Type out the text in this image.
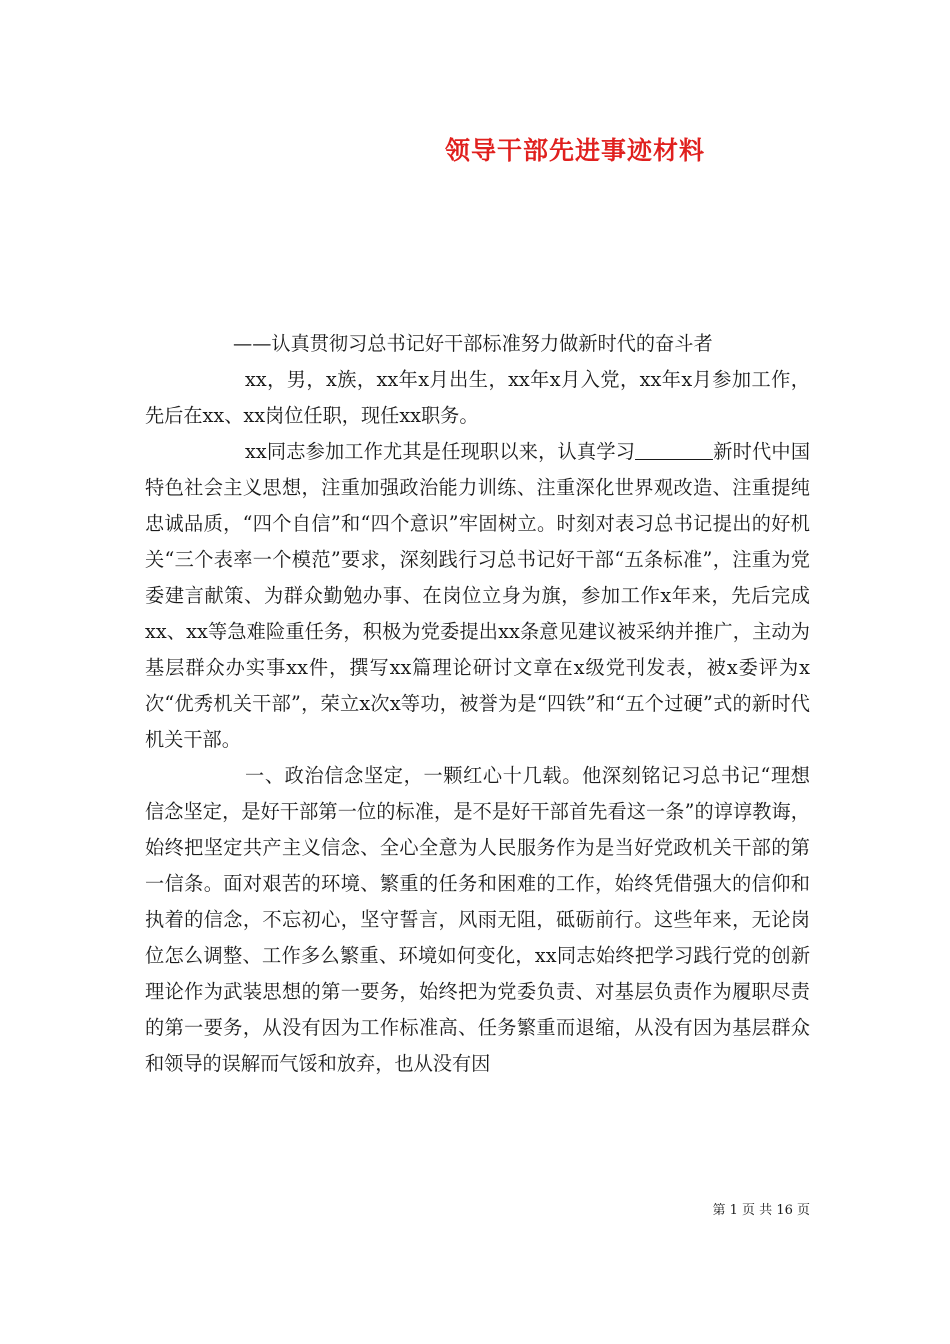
领导干部先进事迹材料

——认真贯彻习总书记好干部标准努力做新时代的奋斗者

xx，男，x族，xx年x月出生，xx年x月入党，xx年x月参加工作，先后在xx、xx岗位任职，现任xx职务。

xx同志参加工作尤其是任现职以来，认真学习	新时代中国特色社会主义思想，注重加强政治能力训练、注重深化世界观改造、注重提纯忠诚品质，“四个自信”和“四个意识”牢固树立。时刻对表习总书记提出的好机关“三个表率一个模范”要求，深刻践行习总书记好干部“五条标准”，注重为党委建言献策、为群众勤勉办事、在岗位立身为旗，参加工作x年来，先后完成xx、xx等急难险重任务，积极为党委提出xx条意见建议被采纳并推广，主动为基层群众办实事xx件，撰写xx篇理论研讨文章在x级党刊发表，被x委评为x次“优秀机关干部”，荣立x次x等功，被誉为是“四铁”和“五个过硬”式的新时代机关干部。

一、政治信念坚定，一颗红心十几载。他深刻铭记习总书记“理想信念坚定，是好干部第一位的标准，是不是好干部首先看这一条”的谆谆教诲，始终把坚定共产主义信念、全心全意为人民服务作为是当好党政机关干部的第一信条。面对艰苦的环境、繁重的任务和困难的工作，始终凭借强大的信仰和执着的信念，不忘初心，坚守誓言，风雨无阻，砥砺前行。这些年来，无论岗位怎么调整、工作多么繁重、环境如何变化，xx同志始终把学习践行党的创新理论作为武装思想的第一要务，始终把为党委负责、对基层负责作为履职尽责的第一要务，从没有因为工作标准高、任务繁重而退缩，从没有因为基层群众和领导的误解而气馁和放弃，也从没有因

第 1 页 共 16 页
